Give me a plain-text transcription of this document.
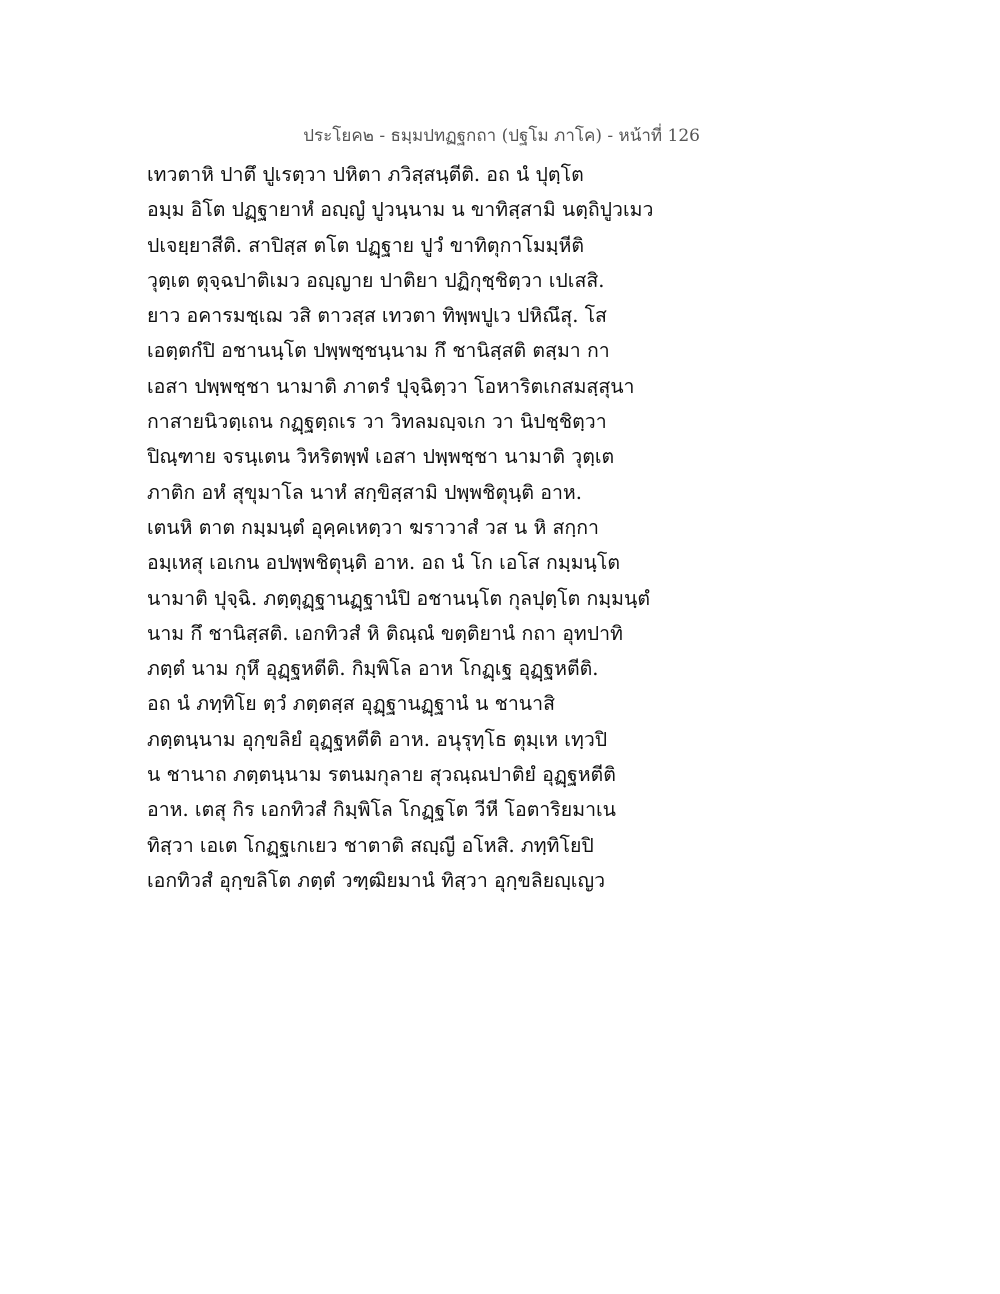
ประโยค๒ - ธมฺมปทฏฐกถา (ปฐโม ภาโค) - หน้าที่ 126
เทวตาหิ ปาตึ ปูเรตฺวา ปหิตา ภวิสฺสนฺตีติ. อถ นํ ปุตฺโต
อมฺม อิโต ปฏฺฐายาหํ อญฺญํ ปูวนฺนาม น ขาทิสฺสามิ นตฺถิปูวเมว
ปเจยฺยาสีติ. สาปิสฺส ตโต ปฏฺฐาย ปูวํ ขาทิตุกาโมมฺหีติ
วุตฺเต ตุจฺฉปาติเมว อญฺญาย ปาติยา ปฏิกุชฺชิตฺวา เปเสสิ.
ยาว อคารมชฺเฌ วสิ ตาวสฺส เทวตา ทิพฺพปูเว ปหิณึสุ. โส
เอตฺตกํปิ อชานนฺโต ปพฺพชฺชนฺนาม กึ ชานิสฺสติ ตสฺมา กา
เอสา ปพฺพชฺชา นามาติ ภาตรํ ปุจฺฉิตฺวา โอหาริตเกสมสฺสุนา
กาสายนิวตฺเถน กฏฺฐตฺถเร วา วิทลมญฺจเก วา นิปชฺชิตฺวา
ปิณฺฑาย จรนฺเตน วิหริตพฺพํ เอสา ปพฺพชฺชา นามาติ วุตฺเต
ภาติก อหํ สุขุมาโล นาหํ สกฺขิสฺสามิ ปพฺพชิตุนฺติ อาห.
เตนหิ ตาต กมฺมนฺตํ อุคฺคเหตฺวา ฆราวาสํ วส น หิ สกฺกา
อมฺเหสุ เอเกน อปพฺพชิตุนฺติ อาห. อถ นํ โก เอโส กมฺมนฺโต
นามาติ ปุจฺฉิ. ภตฺตุฏฺฐานฏฺฐานํปิ อชานนฺโต กุลปุตฺโต กมฺมนฺตํ
นาม กึ ชานิสฺสติ. เอกทิวสํ หิ ติณฺณํ ขตฺติยานํ กถา อุทปาทิ
ภตฺตํ นาม กุหึ อุฏฺฐหตีติ. กิมฺพิโล อาห โกฏฺเฐ อุฏฺฐหตีติ.
อถ นํ ภทฺทิโย ตฺวํ ภตฺตสฺส อุฏฺฐานฏฺฐานํ น ชานาสิ
ภตฺตนฺนาม อุกฺขลิยํ อุฏฺฐหตีติ อาห. อนุรุทฺโธ ตุมฺเห เทฺวปิ
น ชานาถ ภตฺตนฺนาม รตนมกุลาย สุวณฺณปาติยํ อุฏฺฐหตีติ
อาห. เตสุ กิร เอกทิวสํ กิมฺพิโล โกฏฺฐโต วีหี โอตาริยมาเน
ทิสฺวา เอเต โกฏฺฐเกเยว ชาตาติ สญฺญี อโหสิ. ภทฺทิโยปิ
เอกทิวสํ อุกฺขลิโต ภตฺตํ วฑฺฒิยมานํ ทิสฺวา อุกฺขลิยญฺเญว
